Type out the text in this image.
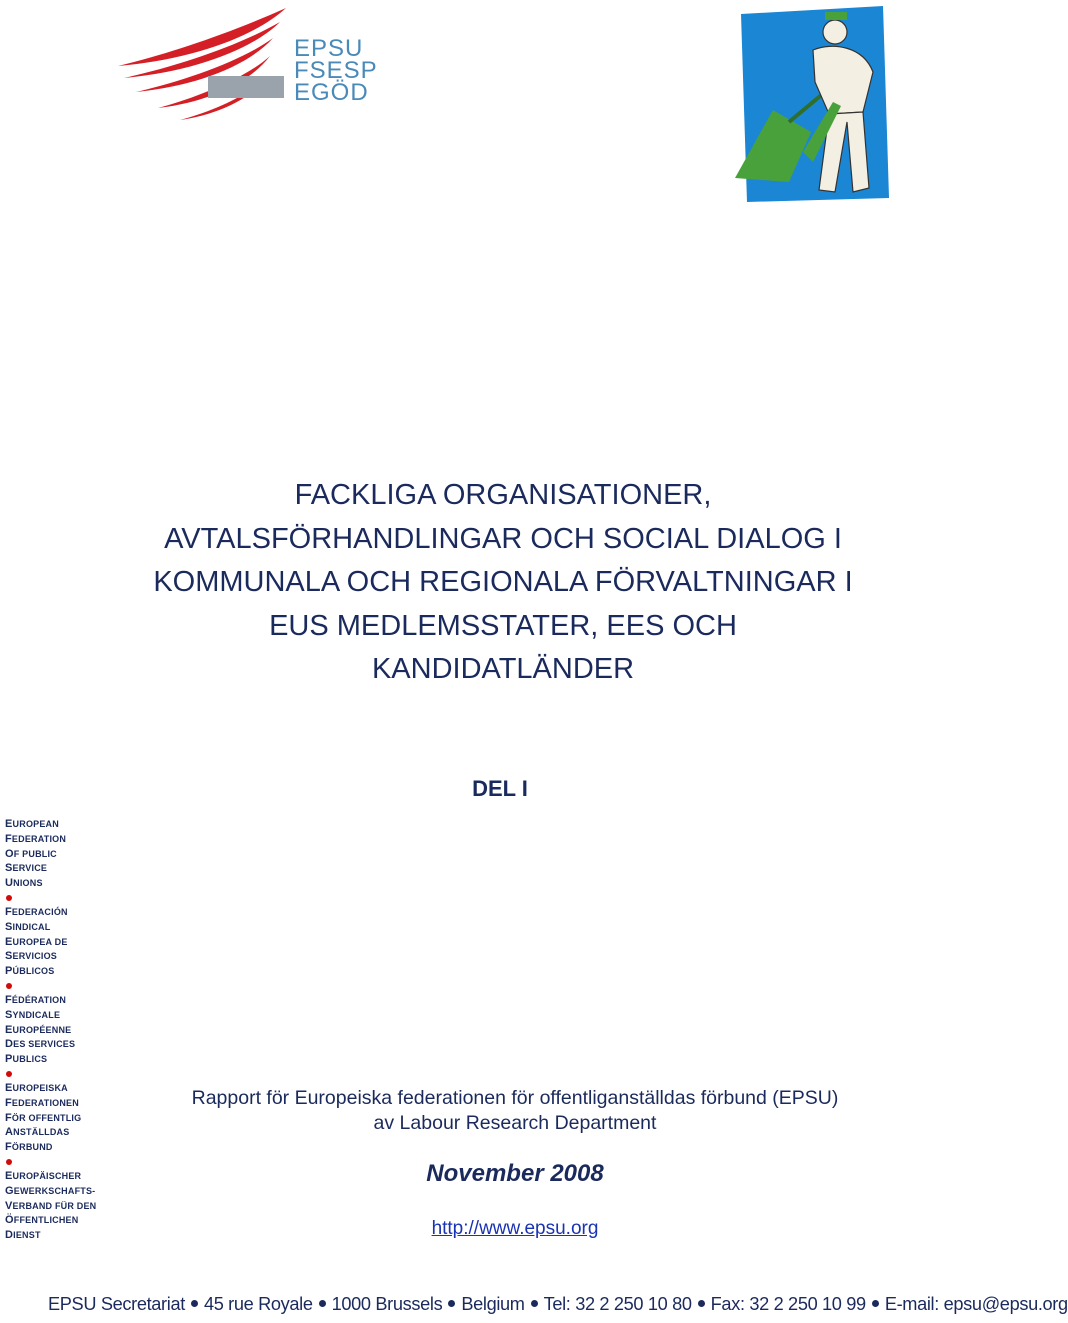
EPSU
FSESP
EGÖD
FACKLIGA ORGANISATIONER,
AVTALSFÖRHANDLINGAR OCH SOCIAL DIALOG I
KOMMUNALA OCH REGIONALA FÖRVALTNINGAR I
EUS MEDLEMSSTATER, EES OCH
KANDIDATLÄNDER
DEL I
EUROPEAN
FEDERATION
OF PUBLIC
SERVICE
UNIONS
FEDERACIÓN
SINDICAL
EUROPEA DE
SERVICIOS
PÚBLICOS
FÉDÉRATION
SYNDICALE
EUROPÉENNE
DES SERVICES
PUBLICS
EUROPEISKA
FEDERATIONEN
FÖR OFFENTLIG
ANSTÄLLDAS
FÖRBUND
EUROPÄISCHER
GEWERKSCHAFTS-
VERBAND FÜR DEN
ÖFFENTLICHEN
DIENST
Rapport för Europeiska federationen för offentliganställdas förbund (EPSU)
av Labour Research Department
November 2008
http://www.epsu.org
EPSU Secretariat 45 rue Royale 1000 Brussels Belgium Tel: 32 2 250 10 80 Fax: 32 2 250 10 99 E-mail: epsu@epsu.org
